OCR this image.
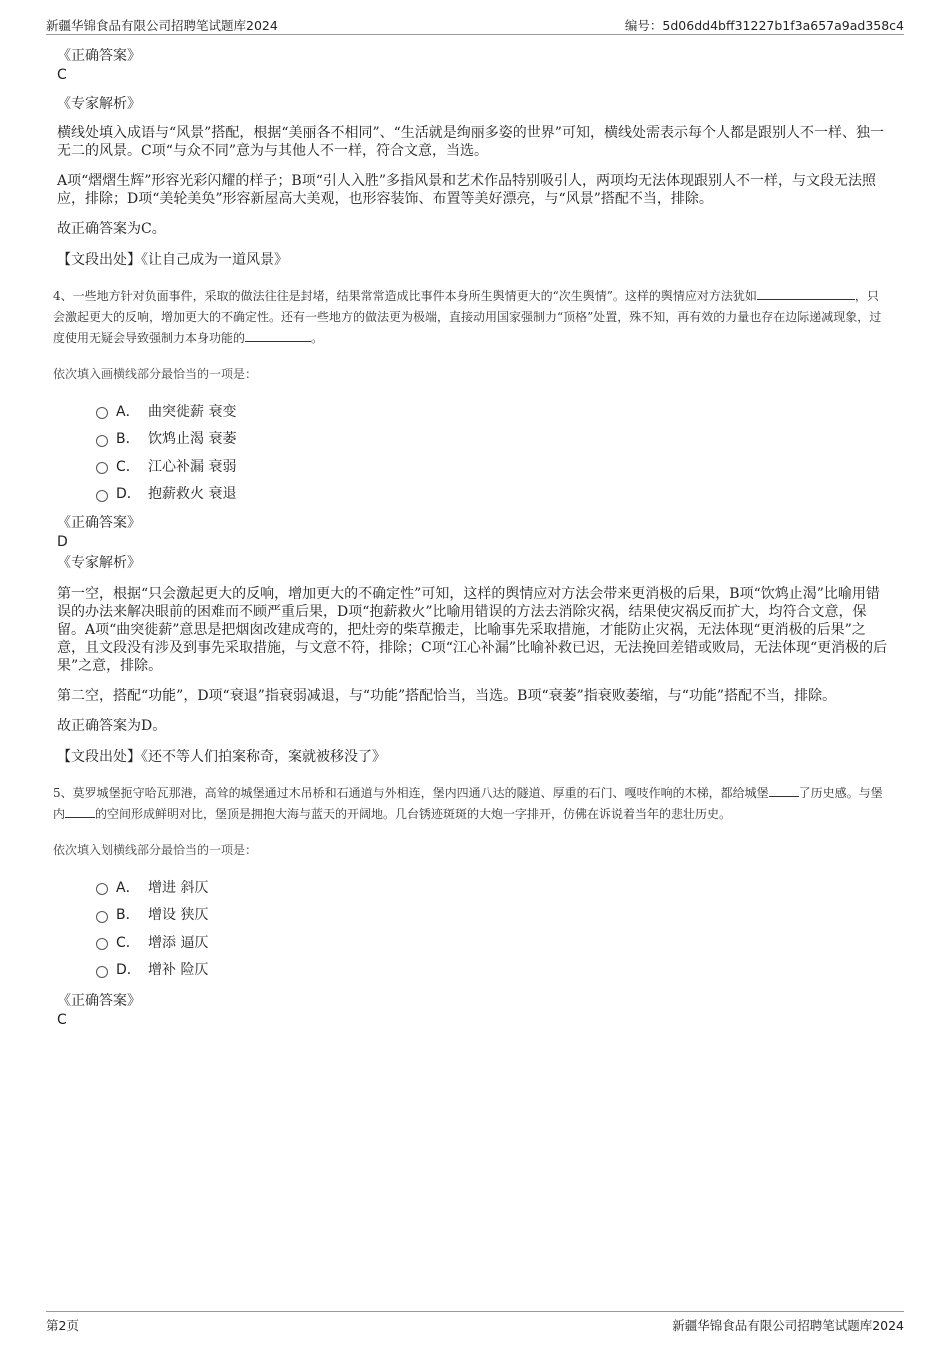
新疆华锦食品有限公司招聘笔试题库2024	编号：5d06dd4bff31227b1f3a657a9ad358c4
《正确答案》
C
《专家解析》
横线处填入成语与“风景”搭配，根据“美丽各不相同”、“生活就是绚丽多姿的世界”可知，横线处需表示每个人都是跟别人不一样、独一无二的风景。C项“与众不同”意为与其他人不一样，符合文意，当选。
A项“熠熠生辉”形容光彩闪耀的样子；B项“引人入胜”多指风景和艺术作品特别吸引人，两项均无法体现跟别人不一样，与文段无法照应，排除；D项“美轮美奂”形容新屋高大美观，也形容装饰、布置等美好漂亮，与“风景”搭配不当，排除。
故正确答案为C。
【文段出处】《让自己成为一道风景》
4、一些地方针对负面事件，采取的做法往往是封堵，结果常常造成比事件本身所生舆情更大的“次生舆情”。这样的舆情应对方法犹如	，只会激起更大的反响，增加更大的不确定性。还有一些地方的做法更为极端，直接动用国家强制力“顶格”处置，殊不知，再有效的力量也存在边际递减现象，过度使用无疑会导致强制力本身功能的	。
依次填入画横线部分最恰当的一项是：
A． 曲突徙薪 衰变
B． 饮鸩止渴 衰萎
C． 江心补漏 衰弱
D． 抱薪救火 衰退
《正确答案》
D
《专家解析》
第一空，根据“只会激起更大的反响，增加更大的不确定性”可知，这样的舆情应对方法会带来更消极的后果，B项“饮鸩止渴”比喻用错误的办法来解决眼前的困难而不顾严重后果，D项“抱薪救火”比喻用错误的方法去消除灾祸，结果使灾祸反而扩大，均符合文意，保留。A项“曲突徙薪”意思是把烟囱改建成弯的，把灶旁的柴草搬走，比喻事先采取措施，才能防止灾祸，无法体现“更消极的后果”之意，且文段没有涉及到事先采取措施，与文意不符，排除；C项“江心补漏”比喻补救已迟，无法挽回差错或败局，无法体现“更消极的后果”之意，排除。
第二空，搭配“功能”，D项“衰退”指衰弱减退，与“功能”搭配恰当，当选。B项“衰萎”指衰败萎缩，与“功能”搭配不当，排除。
故正确答案为D。
【文段出处】《还不等人们拍案称奇，案就被移没了》
5、莫罗城堡扼守哈瓦那港，高耸的城堡通过木吊桥和石通道与外相连，堡内四通八达的隧道、厚重的石门、嘎吱作响的木梯，都给城堡	了历史感。与堡内	的空间形成鲜明对比，堡顶是拥抱大海与蓝天的开阔地。几台锈迹斑斑的大炮一字排开，仿佛在诉说着当年的悲壮历史。
依次填入划横线部分最恰当的一项是：
A． 增进 斜仄
B． 增设 狭仄
C． 增添 逼仄
D． 增补 险仄
《正确答案》
C
第2页	新疆华锦食品有限公司招聘笔试题库2024
